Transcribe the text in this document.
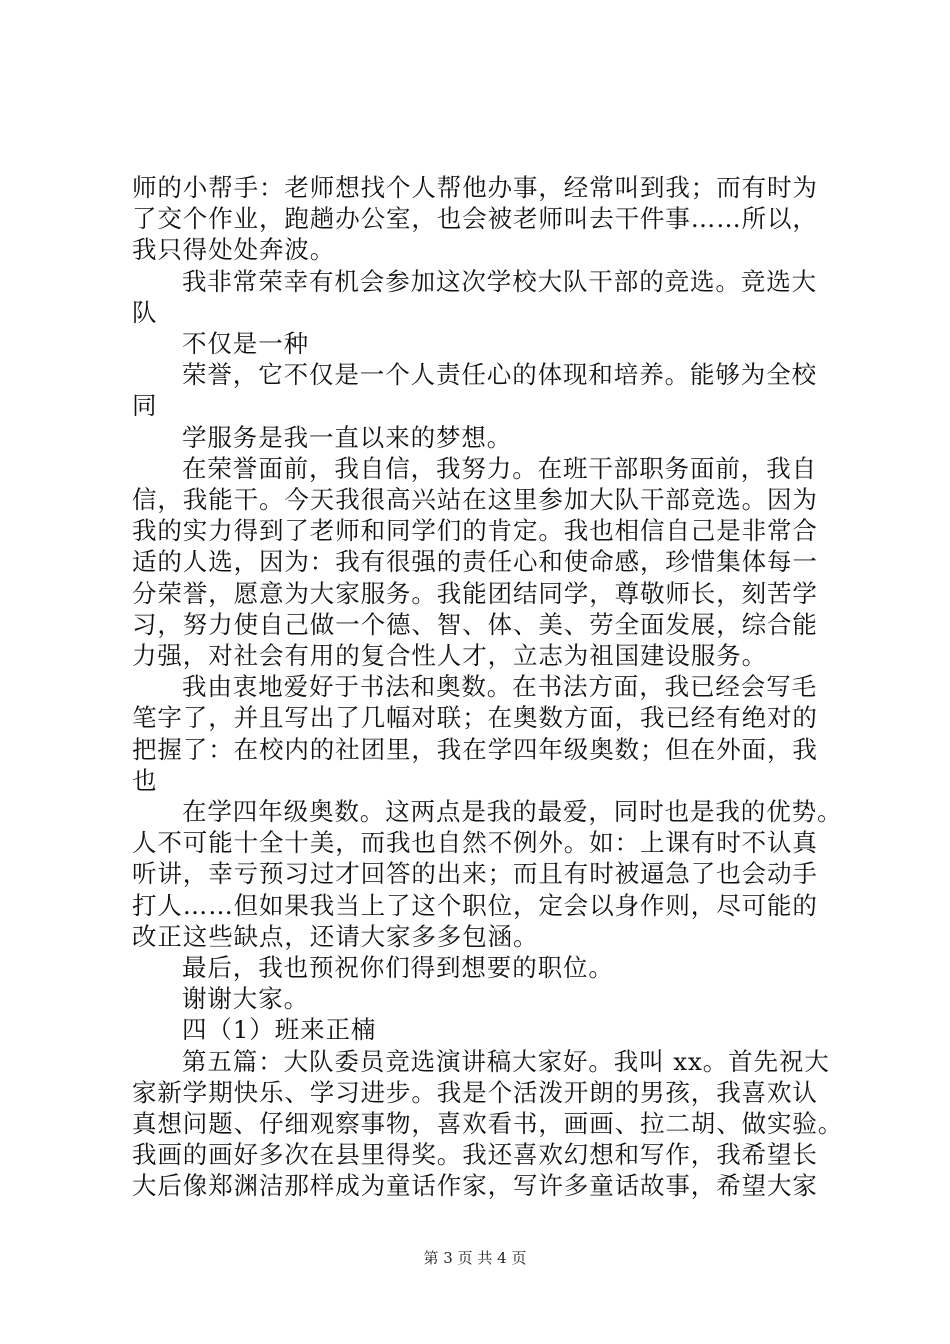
师的小帮手：老师想找个人帮他办事，经常叫到我；而有时为
了交个作业，跑趟办公室，也会被老师叫去干件事……所以，
我只得处处奔波。
我非常荣幸有机会参加这次学校大队干部的竞选。竞选大
队
不仅是一种
荣誉，它不仅是一个人责任心的体现和培养。能够为全校
同
学服务是我一直以来的梦想。
在荣誉面前，我自信，我努力。在班干部职务面前，我自
信，我能干。今天我很高兴站在这里参加大队干部竞选。因为
我的实力得到了老师和同学们的肯定。我也相信自己是非常合
适的人选，因为：我有很强的责任心和使命感，珍惜集体每一
分荣誉，愿意为大家服务。我能团结同学，尊敬师长，刻苦学
习，努力使自己做一个德、智、体、美、劳全面发展，综合能
力强，对社会有用的复合性人才，立志为祖国建设服务。
我由衷地爱好于书法和奥数。在书法方面，我已经会写毛
笔字了，并且写出了几幅对联；在奥数方面，我已经有绝对的
把握了：在校内的社团里，我在学四年级奥数；但在外面，我
也
在学四年级奥数。这两点是我的最爱，同时也是我的优势。
人不可能十全十美，而我也自然不例外。如：上课有时不认真
听讲，幸亏预习过才回答的出来；而且有时被逼急了也会动手
打人……但如果我当上了这个职位，定会以身作则，尽可能的
改正这些缺点，还请大家多多包涵。
最后，我也预祝你们得到想要的职位。
谢谢大家。
四（1）班来正楠
第五篇：大队委员竞选演讲稿大家好。我叫 xx。首先祝大
家新学期快乐、学习进步。我是个活泼开朗的男孩，我喜欢认
真想问题、仔细观察事物，喜欢看书，画画、拉二胡、做实验。
我画的画好多次在县里得奖。我还喜欢幻想和写作，我希望长
大后像郑渊洁那样成为童话作家，写许多童话故事，希望大家
第 3 页 共 4 页
